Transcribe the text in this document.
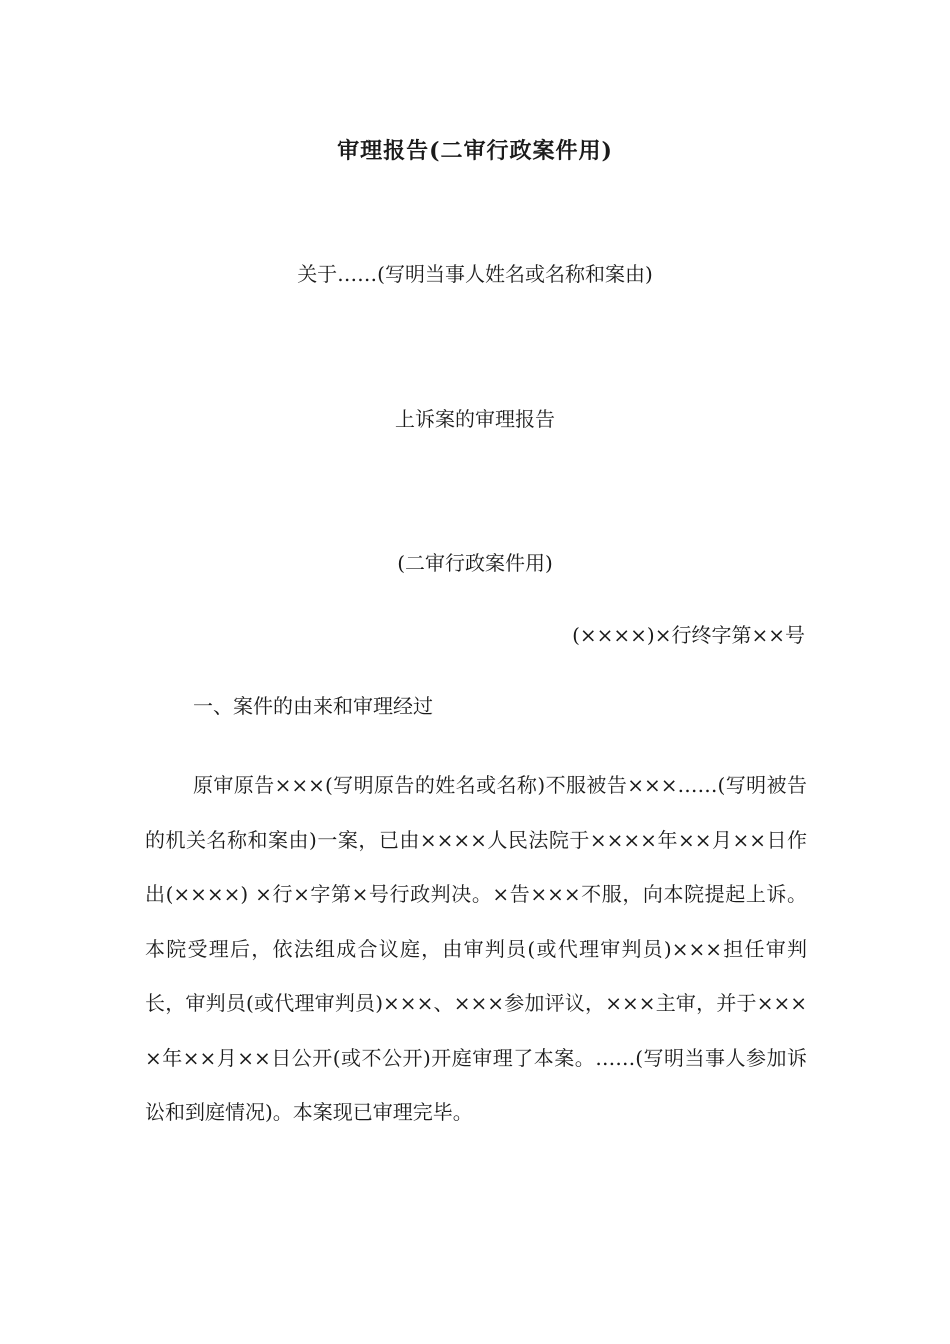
审理报告(二审行政案件用)
关于……(写明当事人姓名或名称和案由)
上诉案的审理报告
(二审行政案件用)
(××××)×行终字第××号
一、案件的由来和审理经过

原审原告×××(写明原告的姓名或名称)不服被告×××……(写明被告的机关名称和案由)一案，已由××××人民法院于××××年××月××日作出(××××) ×行×字第×号行政判决。×告×××不服，向本院提起上诉。本院受理后，依法组成合议庭，由审判员(或代理审判员)×××担任审判长，审判员(或代理审判员)×××、×××参加评议，×××主审，并于××××年××月××日公开(或不公开)开庭审理了本案。……(写明当事人参加诉讼和到庭情况)。本案现已审理完毕。
